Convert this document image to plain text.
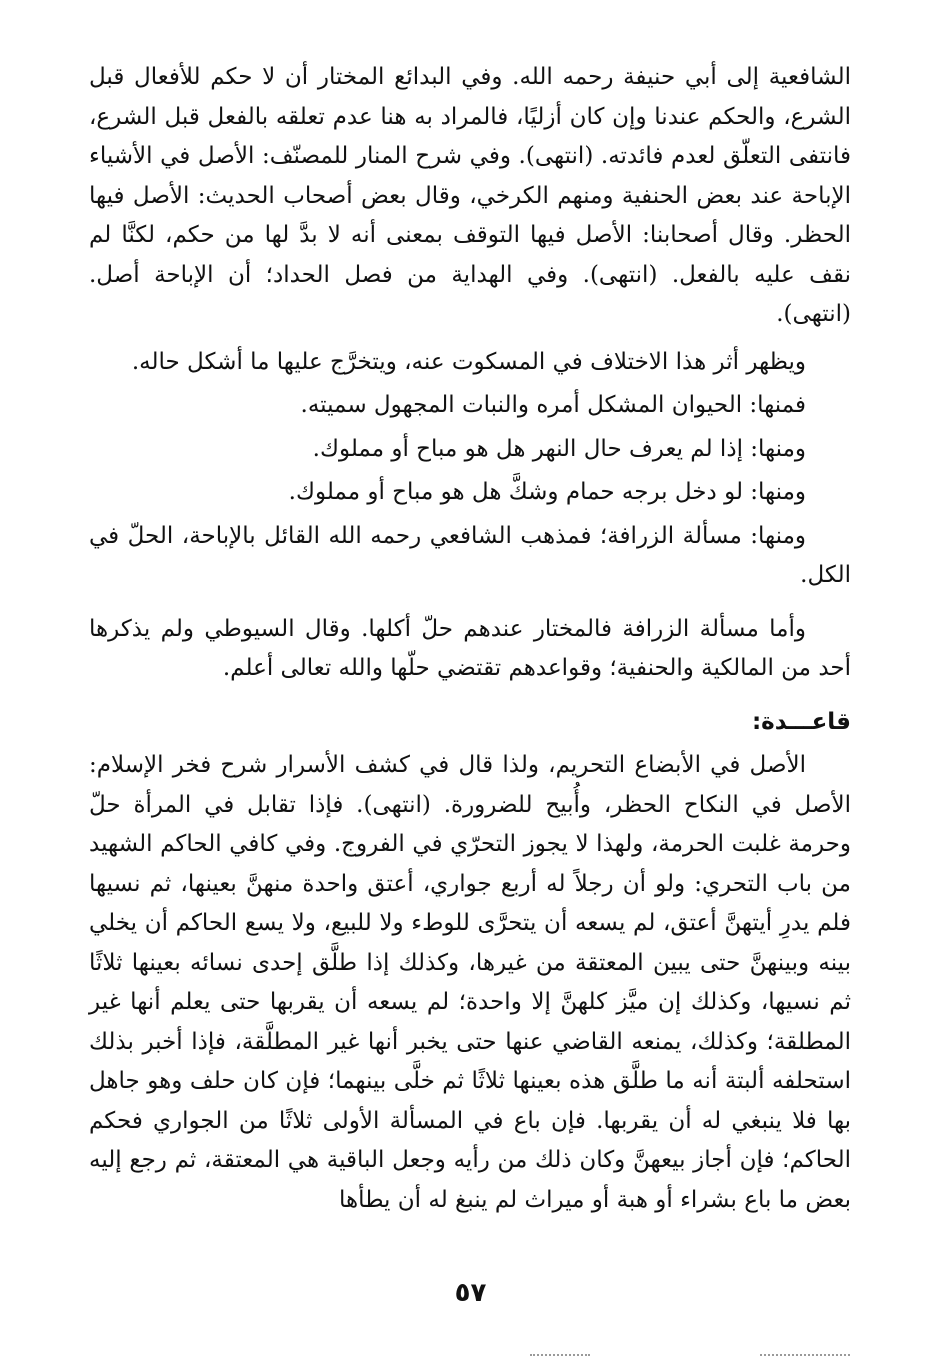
الشافعية إلى أبي حنيفة رحمه الله. وفي البدائع المختار أن لا حكم للأفعال قبل الشرع، والحكم عندنا وإن كان أزليًا، فالمراد به هنا عدم تعلقه بالفعل قبل الشرع، فانتفى التعلّق لعدم فائدته. (انتهى). وفي شرح المنار للمصنّف: الأصل في الأشياء الإباحة عند بعض الحنفية ومنهم الكرخي، وقال بعض أصحاب الحديث: الأصل فيها الحظر. وقال أصحابنا: الأصل فيها التوقف بمعنى أنه لا بدَّ لها من حكم، لكنَّا لم نقف عليه بالفعل. (انتهى). وفي الهداية من فصل الحداد؛ أن الإباحة أصل. (انتهى).

ويظهر أثر هذا الاختلاف في المسكوت عنه، ويتخرَّج عليها ما أشكل حاله.

فمنها: الحيوان المشكل أمره والنبات المجهول سميته.

ومنها: إذا لم يعرف حال النهر هل هو مباح أو مملوك.

ومنها: لو دخل برجه حمام وشكَّ هل هو مباح أو مملوك.

ومنها: مسألة الزرافة؛ فمذهب الشافعي رحمه الله القائل بالإباحة، الحلّ في الكل.

وأما مسألة الزرافة فالمختار عندهم حلّ أكلها. وقال السيوطي ولم يذكرها أحد من المالكية والحنفية؛ وقواعدهم تقتضي حلّها والله تعالى أعلم.

قاعـــدة:

الأصل في الأبضاع التحريم، ولذا قال في كشف الأسرار شرح فخر الإسلام: الأصل في النكاح الحظر، وأُبيح للضرورة. (انتهى). فإذا تقابل في المرأة حلّ وحرمة غلبت الحرمة، ولهذا لا يجوز التحرّي في الفروج. وفي كافي الحاكم الشهيد من باب التحري: ولو أن رجلاً له أربع جواري، أعتق واحدة منهنَّ بعينها، ثم نسيها فلم يدرِ أيتهنَّ أعتق، لم يسعه أن يتحرَّى للوطء ولا للبيع، ولا يسع الحاكم أن يخلي بينه وبينهنَّ حتى يبين المعتقة من غيرها، وكذلك إذا طلَّق إحدى نسائه بعينها ثلاثًا ثم نسيها، وكذلك إن ميَّز كلهنَّ إلا واحدة؛ لم يسعه أن يقربها حتى يعلم أنها غير المطلقة؛ وكذلك، يمنعه القاضي عنها حتى يخبر أنها غير المطلَّقة، فإذا أخبر بذلك استحلفه ألبتة أنه ما طلَّق هذه بعينها ثلاثًا ثم خلَّى بينهما؛ فإن كان حلف وهو جاهل بها فلا ينبغي له أن يقربها. فإن باع في المسألة الأولى ثلاثًا من الجواري فحكم الحاكم؛ فإن أجاز بيعهنَّ وكان ذلك من رأيه وجعل الباقية هي المعتقة، ثم رجع إليه بعض ما باع بشراء أو هبة أو ميراث لم ينبغ له أن يطأها

٥٧
